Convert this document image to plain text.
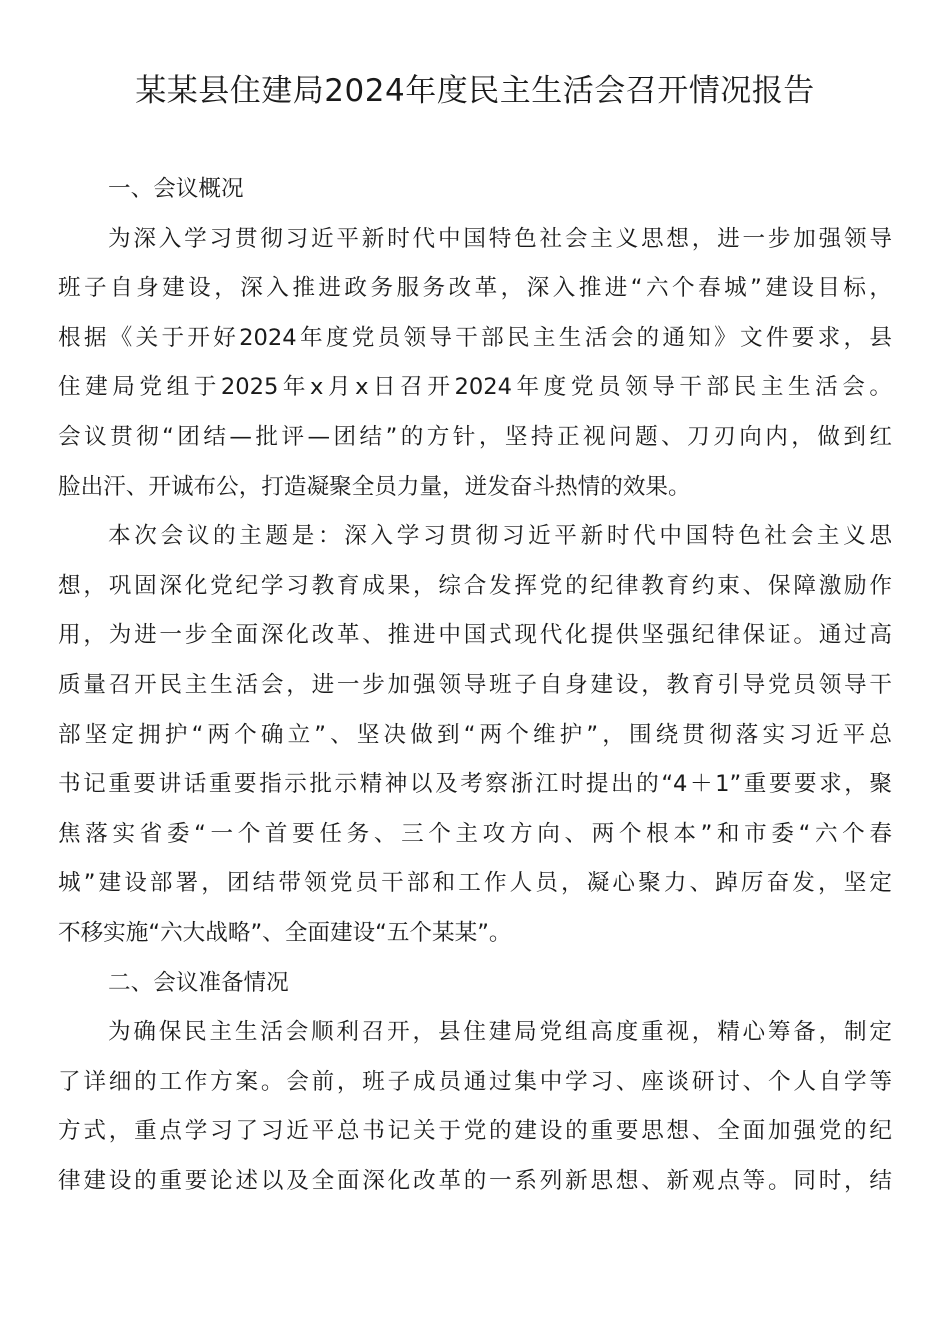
某某县住建局2024年度民主生活会召开情况报告
一、会议概况
为深入学习贯彻习近平新时代中国特色社会主义思想，进一步加强领导
班子自身建设，深入推进政务服务改革，深入推进“六个春城”建设目标，
根据《关于开好2024年度党员领导干部民主生活会的通知》文件要求，县
住建局党组于2025年x月x日召开2024年度党员领导干部民主生活会。
会议贯彻“团结—批评—团结”的方针，坚持正视问题、刀刃向内，做到红
脸出汗、开诚布公，打造凝聚全员力量，迸发奋斗热情的效果。
本次会议的主题是：深入学习贯彻习近平新时代中国特色社会主义思
想，巩固深化党纪学习教育成果，综合发挥党的纪律教育约束、保障激励作
用，为进一步全面深化改革、推进中国式现代化提供坚强纪律保证。通过高
质量召开民主生活会，进一步加强领导班子自身建设，教育引导党员领导干
部坚定拥护“两个确立”、坚决做到“两个维护”，围绕贯彻落实习近平总
书记重要讲话重要指示批示精神以及考察浙江时提出的“4＋1”重要要求，聚
焦落实省委“一个首要任务、三个主攻方向、两个根本”和市委“六个春
城”建设部署，团结带领党员干部和工作人员，凝心聚力、踔厉奋发，坚定
不移实施“六大战略”、全面建设“五个某某”。
二、会议准备情况
为确保民主生活会顺利召开，县住建局党组高度重视，精心筹备，制定
了详细的工作方案。会前，班子成员通过集中学习、座谈研讨、个人自学等
方式，重点学习了习近平总书记关于党的建设的重要思想、全面加强党的纪
律建设的重要论述以及全面深化改革的一系列新思想、新观点等。同时，结
